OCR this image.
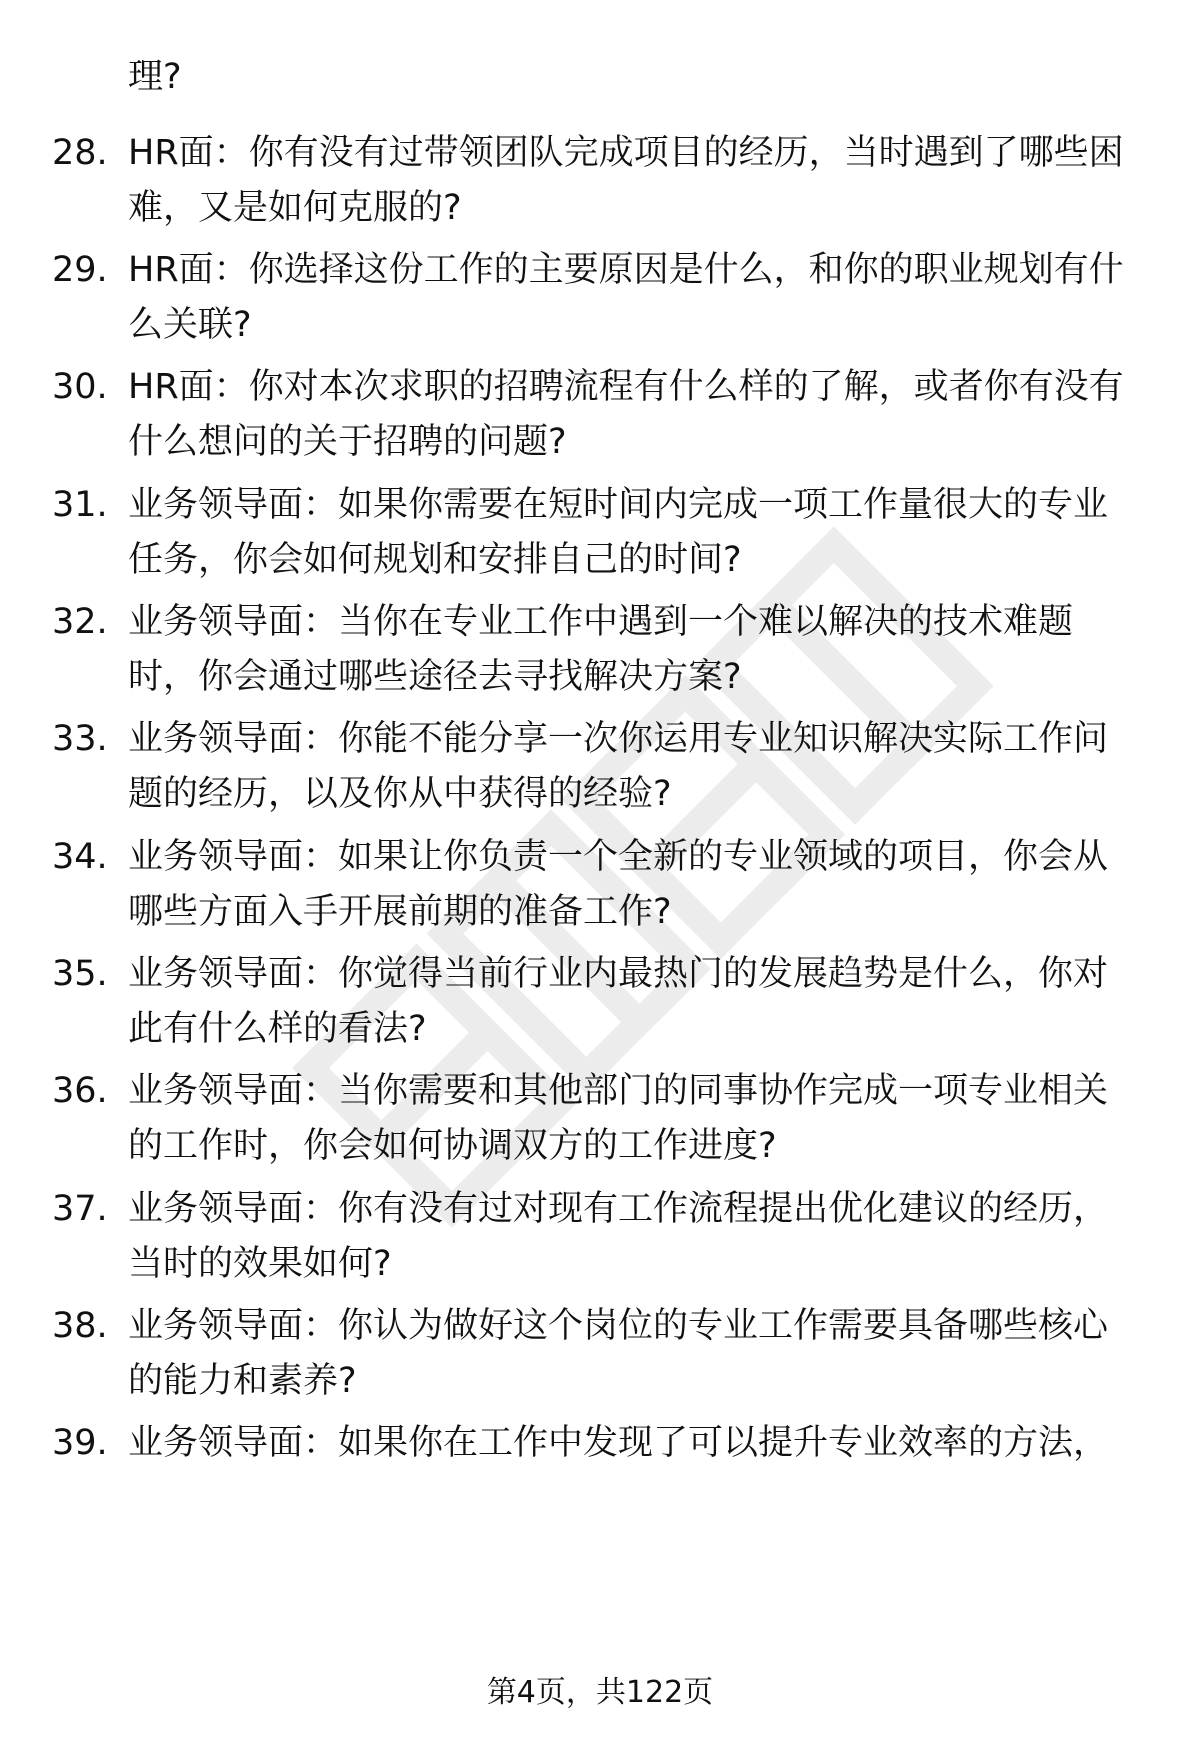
理?
28. HR面：你有没有过带领团队完成项目的经历，当时遇到了哪些困
难，又是如何克服的?
29. HR面：你选择这份工作的主要原因是什么，和你的职业规划有什
么关联?
30. HR面：你对本次求职的招聘流程有什么样的了解，或者你有没有
什么想问的关于招聘的问题?
31. 业务领导面：如果你需要在短时间内完成一项工作量很大的专业
任务，你会如何规划和安排自己的时间?
32. 业务领导面：当你在专业工作中遇到一个难以解决的技术难题
时，你会通过哪些途径去寻找解决方案?
33. 业务领导面：你能不能分享一次你运用专业知识解决实际工作问
题的经历，以及你从中获得的经验?
34. 业务领导面：如果让你负责一个全新的专业领域的项目，你会从
哪些方面入手开展前期的准备工作?
35. 业务领导面：你觉得当前行业内最热门的发展趋势是什么，你对
此有什么样的看法?
36. 业务领导面：当你需要和其他部门的同事协作完成一项专业相关
的工作时，你会如何协调双方的工作进度?
37. 业务领导面：你有没有过对现有工作流程提出优化建议的经历，
当时的效果如何?
38. 业务领导面：你认为做好这个岗位的专业工作需要具备哪些核心
的能力和素养?
39. 业务领导面：如果你在工作中发现了可以提升专业效率的方法，
第4页，共122页
